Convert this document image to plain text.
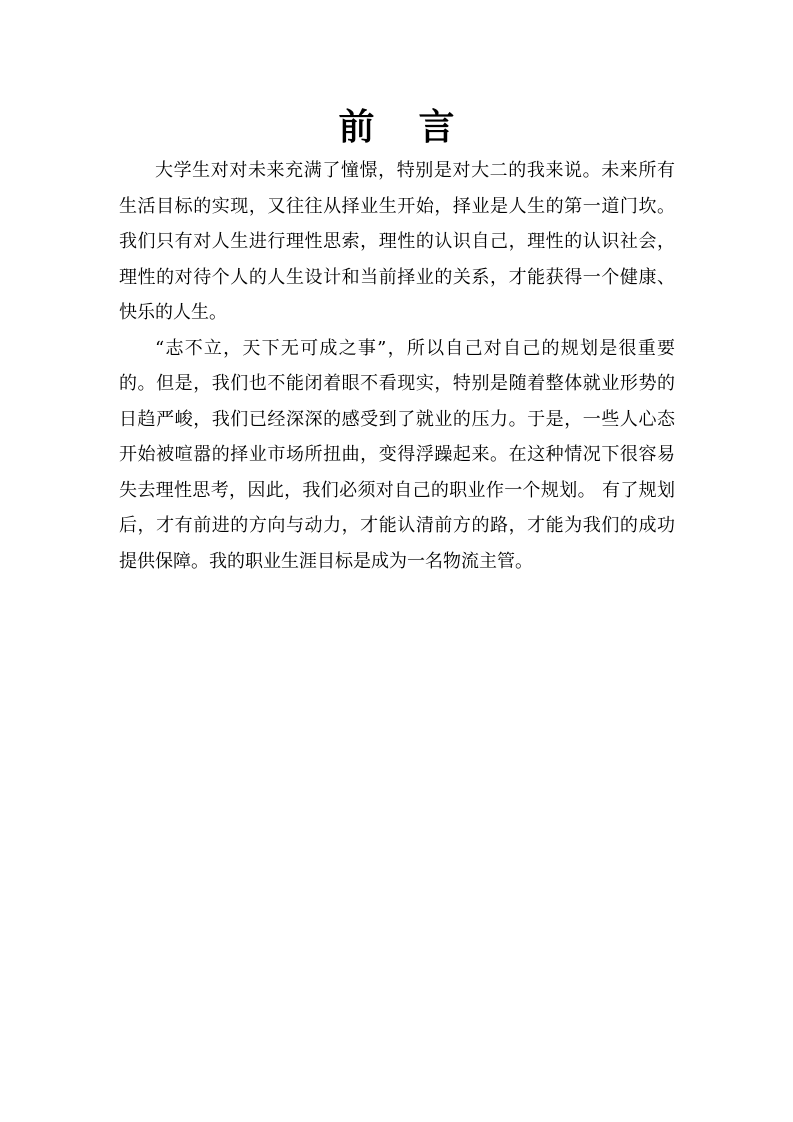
前言

大学生对对未来充满了憧憬，特别是对大二的我来说。未来所有生活目标的实现，又往往从择业生开始，择业是人生的第一道门坎。我们只有对人生进行理性思索，理性的认识自己，理性的认识社会，理性的对待个人的人生设计和当前择业的关系，才能获得一个健康、快乐的人生。

“志不立，天下无可成之事”，所以自己对自己的规划是很重要的。但是，我们也不能闭着眼不看现实，特别是随着整体就业形势的日趋严峻，我们已经深深的感受到了就业的压力。于是，一些人心态开始被喧嚣的择业市场所扭曲，变得浮躁起来。在这种情况下很容易失去理性思考，因此，我们必须对自己的职业作一个规划。 有了规划后，才有前进的方向与动力，才能认清前方的路，才能为我们的成功提供保障。我的职业生涯目标是成为一名物流主管。
